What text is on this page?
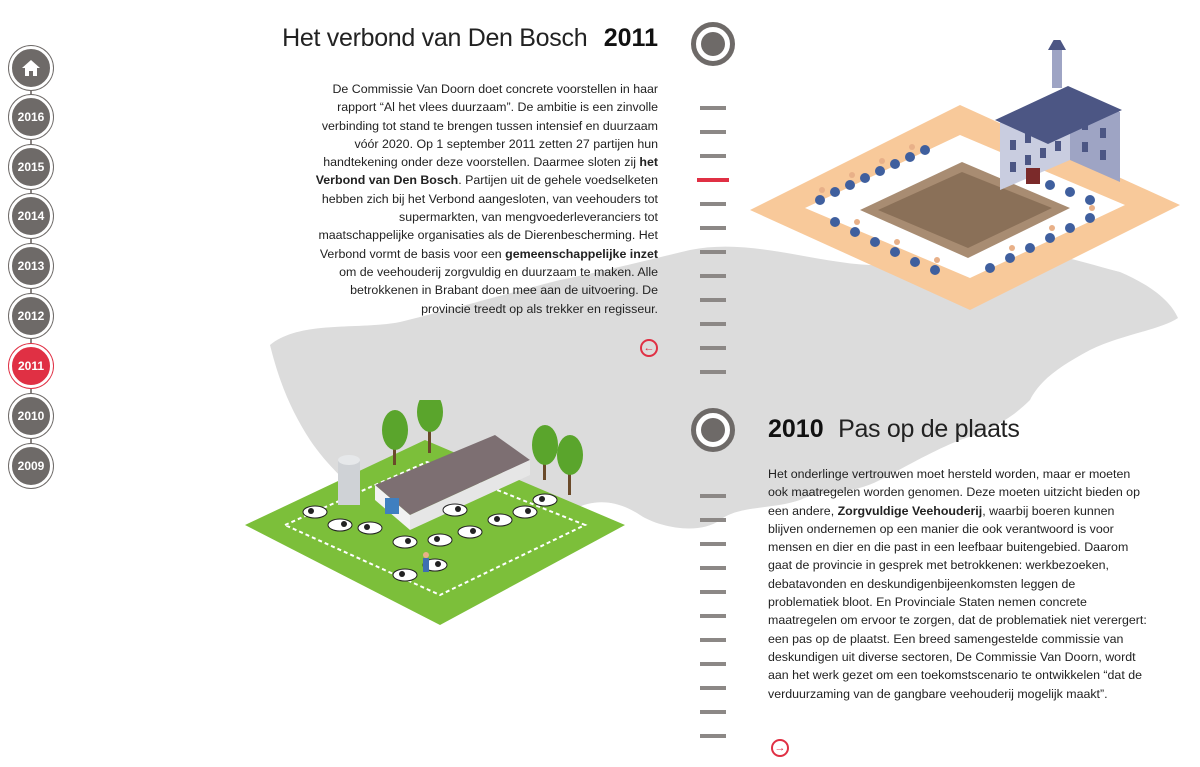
2016
2015
2014
2013
2012
2011
2010
2009
Het verbond van Den Bosch 2011
De Commissie Van Doorn doet concrete voorstellen in haar rapport “Al het vlees duurzaam”. De ambitie is een zinvolle verbinding tot stand te brengen tussen intensief en duurzaam vóór 2020. Op 1 september 2011 zetten 27 partijen hun handtekening onder deze voorstellen. Daarmee sloten zij het Verbond van Den Bosch. Partijen uit de gehele voedselketen hebben zich bij het Verbond aangesloten, van veehouders tot supermarkten, van mengvoederleveranciers tot maatschappelijke organisaties als de Dierenbescherming. Het Verbond vormt de basis voor een gemeenschappelijke inzet om de veehouderij zorgvuldig en duurzaam te maken. Alle betrokkenen in Brabant doen mee aan de uitvoering. De provincie treedt op als trekker en regisseur.
←
2010 Pas op de plaats
Het onderlinge vertrouwen moet hersteld worden, maar er moeten ook maatregelen worden genomen. Deze moeten uitzicht bieden op een andere, Zorgvuldige Veehouderij, waarbij boeren kunnen blijven ondernemen op een manier die ook verantwoord is voor mensen en dier en die past in een leefbaar buitengebied. Daarom gaat de provincie in gesprek met betrokkenen: werkbezoeken, debatavonden en deskundigenbijeenkomsten leggen de problematiek bloot. En Provinciale Staten nemen concrete maatregelen om ervoor te zorgen, dat de problematiek niet verergert: een pas op de plaatst. Een breed samengestelde commissie van deskundigen uit diverse sectoren, De Commissie Van Doorn, wordt aan het werk gezet om een toekomstscenario te ontwikkelen “dat de verduurzaming van de gangbare veehouderij mogelijk maakt”.
→
